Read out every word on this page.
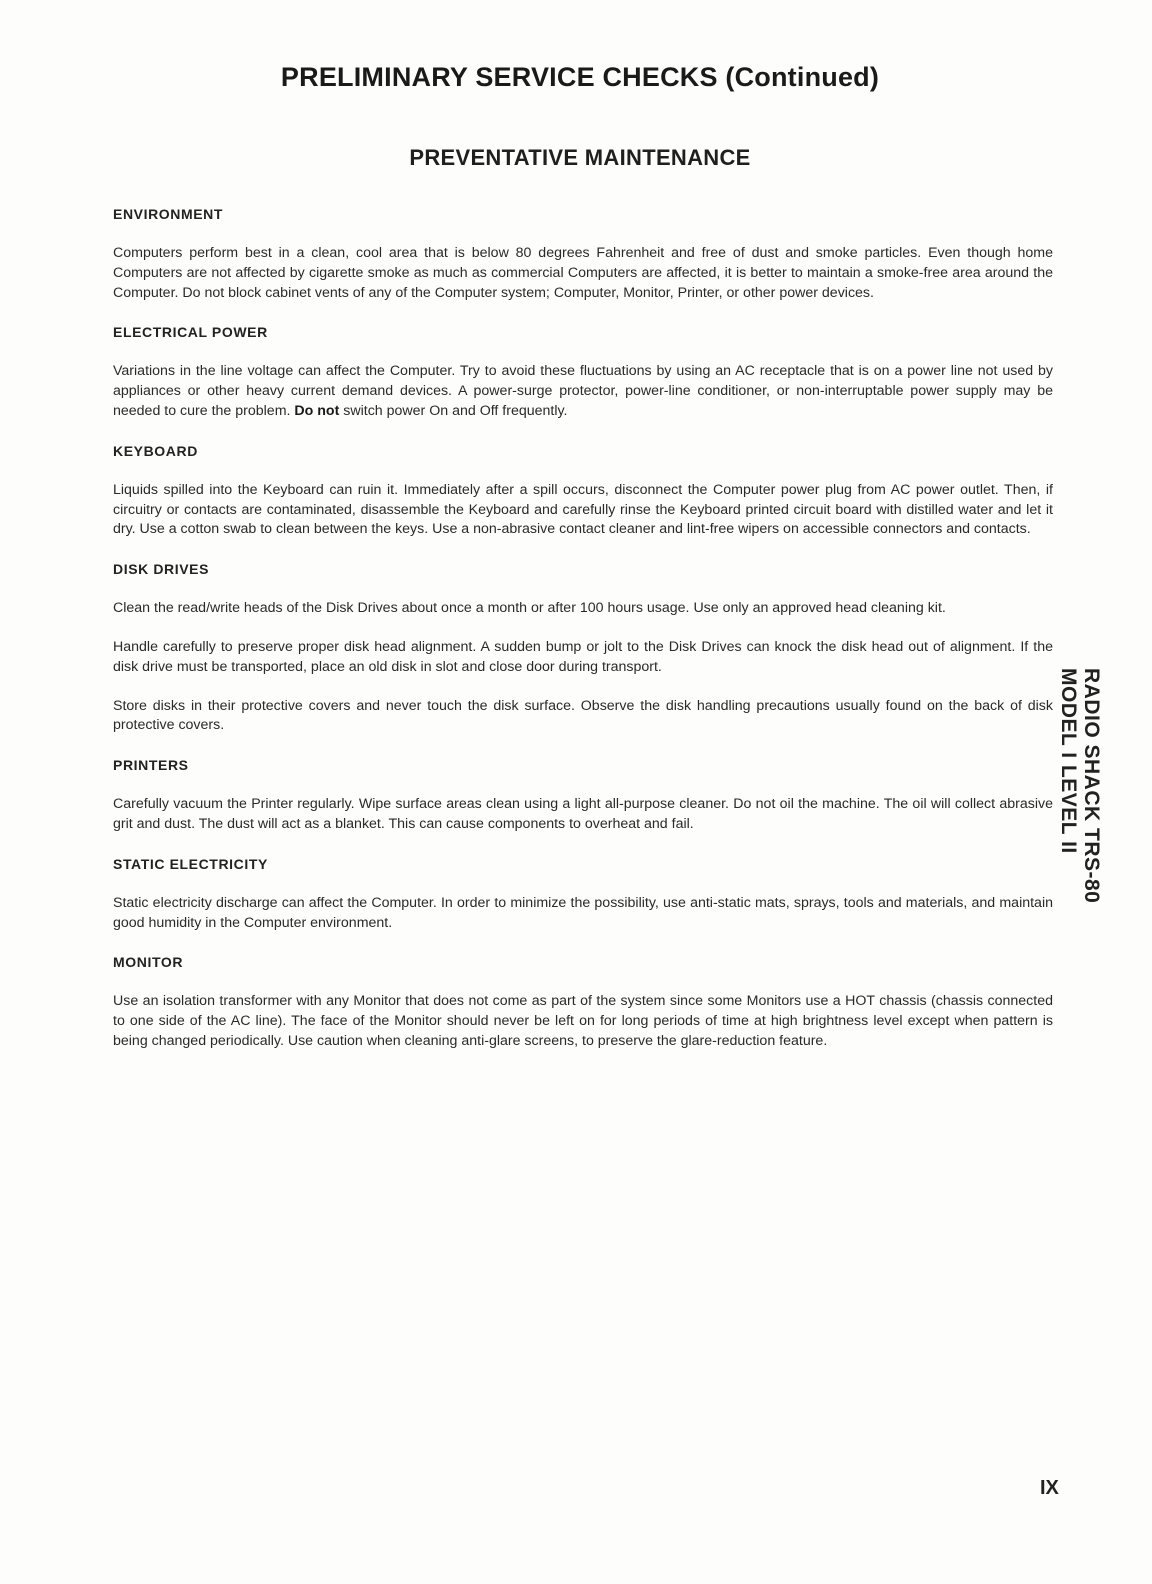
PRELIMINARY SERVICE CHECKS (Continued)
PREVENTATIVE MAINTENANCE
ENVIRONMENT

Computers perform best in a clean, cool area that is below 80 degrees Fahrenheit and free of dust and smoke particles. Even though home Computers are not affected by cigarette smoke as much as commercial Computers are affected, it is better to maintain a smoke-free area around the Computer. Do not block cabinet vents of any of the Computer system; Computer, Monitor, Printer, or other power devices.

ELECTRICAL POWER

Variations in the line voltage can affect the Computer. Try to avoid these fluctuations by using an AC receptacle that is on a power line not used by appliances or other heavy current demand devices. A power-surge protector, power-line conditioner, or non-interruptable power supply may be needed to cure the problem. Do not switch power On and Off frequently.

KEYBOARD

Liquids spilled into the Keyboard can ruin it. Immediately after a spill occurs, disconnect the Computer power plug from AC power outlet. Then, if circuitry or contacts are contaminated, disassemble the Keyboard and carefully rinse the Keyboard printed circuit board with distilled water and let it dry. Use a cotton swab to clean between the keys. Use a non-abrasive contact cleaner and lint-free wipers on accessible connectors and contacts.

DISK DRIVES

Clean the read/write heads of the Disk Drives about once a month or after 100 hours usage. Use only an approved head cleaning kit.

Handle carefully to preserve proper disk head alignment. A sudden bump or jolt to the Disk Drives can knock the disk head out of alignment. If the disk drive must be transported, place an old disk in slot and close door during transport.

Store disks in their protective covers and never touch the disk surface. Observe the disk handling precautions usually found on the back of disk protective covers.

PRINTERS

Carefully vacuum the Printer regularly. Wipe surface areas clean using a light all-purpose cleaner. Do not oil the machine. The oil will collect abrasive grit and dust. The dust will act as a blanket. This can cause components to overheat and fail.

STATIC ELECTRICITY

Static electricity discharge can affect the Computer. In order to minimize the possibility, use anti-static mats, sprays, tools and materials, and maintain good humidity in the Computer environment.

MONITOR

Use an isolation transformer with any Monitor that does not come as part of the system since some Monitors use a HOT chassis (chassis connected to one side of the AC line). The face of the Monitor should never be left on for long periods of time at high brightness level except when pattern is being changed periodically. Use caution when cleaning anti-glare screens, to preserve the glare-reduction feature.

RADIO SHACK TRS-80
MODEL I LEVEL II
IX
